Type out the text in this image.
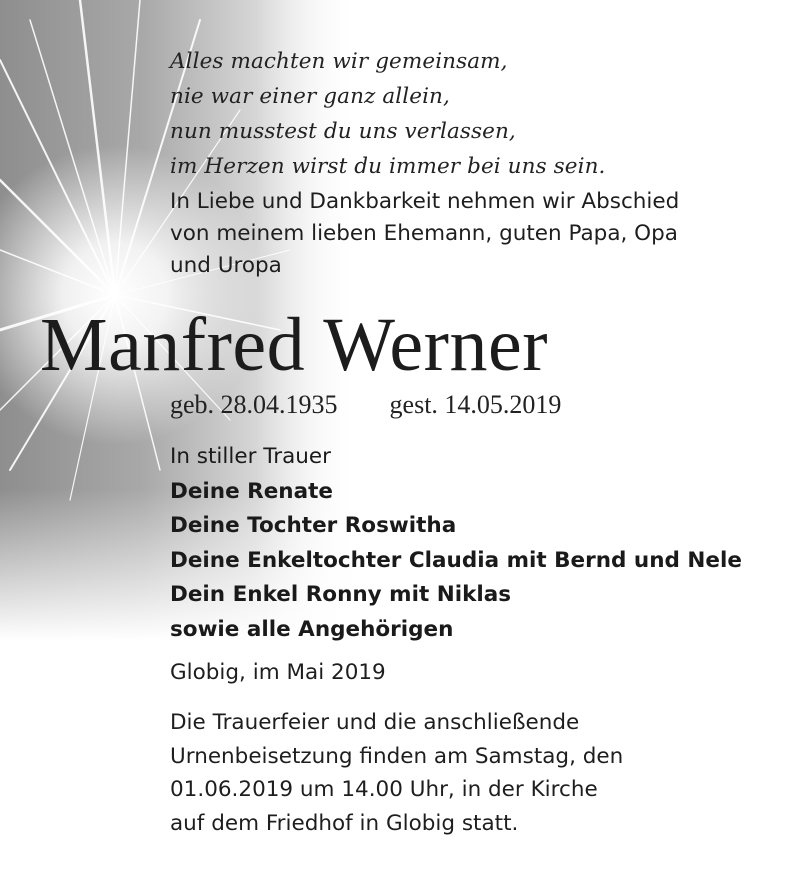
Alles machten wir gemeinsam,
nie war einer ganz allein,
nun musstest du uns verlassen,
im Herzen wirst du immer bei uns sein.
In Liebe und Dankbarkeit nehmen wir Abschied
von meinem lieben Ehemann, guten Papa, Opa
und Uropa
Manfred Werner
geb. 28.04.1935 gest. 14.05.2019
In stiller Trauer
Deine Renate
Deine Tochter Roswitha
Deine Enkeltochter Claudia mit Bernd und Nele
Dein Enkel Ronny mit Niklas
sowie alle Angehörigen
Globig, im Mai 2019
Die Trauerfeier und die anschließende
Urnenbeisetzung finden am Samstag, den
01.06.2019 um 14.00 Uhr, in der Kirche
auf dem Friedhof in Globig statt.
